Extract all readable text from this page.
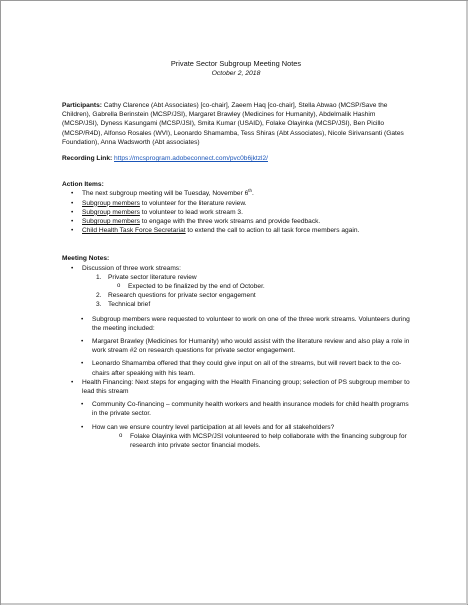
Private Sector Subgroup Meeting Notes

October 2, 2018

Participants: Cathy Clarence (Abt Associates) [co-chair], Zaeem Haq [co-chair], Stella Abwao (MCSP/Save the Children), Gabrella Berinstein (MCSP/JSI), Margaret Brawley (Medicines for Humanity), Abdelmalik Hashim (MCSP/JSI), Dyness Kasungami (MCSP/JSI), Smita Kumar (USAID), Folake Olayinka (MCSP/JSI), Ben Picillo (MCSP/R4D), Alfonso Rosales (WVI), Leonardo Shamamba, Tess Shiras (Abt Associates), Nicole Sirivansanti (Gates Foundation), Anna Wadsworth (Abt associates)
Recording Link: https://mcsprogram.adobeconnect.com/pvc0b6jktzl2/
Action Items:
• The next subgroup meeting will be Tuesday, November 6th.
• Subgroup members to volunteer for the literature review.
• Subgroup members to volunteer to lead work stream 3.
• Subgroup members to engage with the three work streams and provide feedback.
• Child Health Task Force Secretariat to extend the call to action to all task force members again.
Meeting Notes:
• Discussion of three work streams:
1. Private sector literature review
o Expected to be finalized by the end of October.
2. Research questions for private sector engagement
3. Technical brief
• Subgroup members were requested to volunteer to work on one of the three work streams. Volunteers during the meeting included:
• Margaret Brawley (Medicines for Humanity) who would assist with the literature review and also play a role in work stream #2 on research questions for private sector engagement.
• Leonardo Shamamba offered that they could give input on all of the streams, but will revert back to the co-chairs after speaking with his team.
• Health Financing: Next steps for engaging with the Health Financing group; selection of PS subgroup member to lead this stream
• Community Co-financing – community health workers and health insurance models for child health programs in the private sector.
• How can we ensure country level participation at all levels and for all stakeholders?
o Folake Olayinka with MCSP/JSI volunteered to help collaborate with the financing subgroup for research into private sector financial models.
